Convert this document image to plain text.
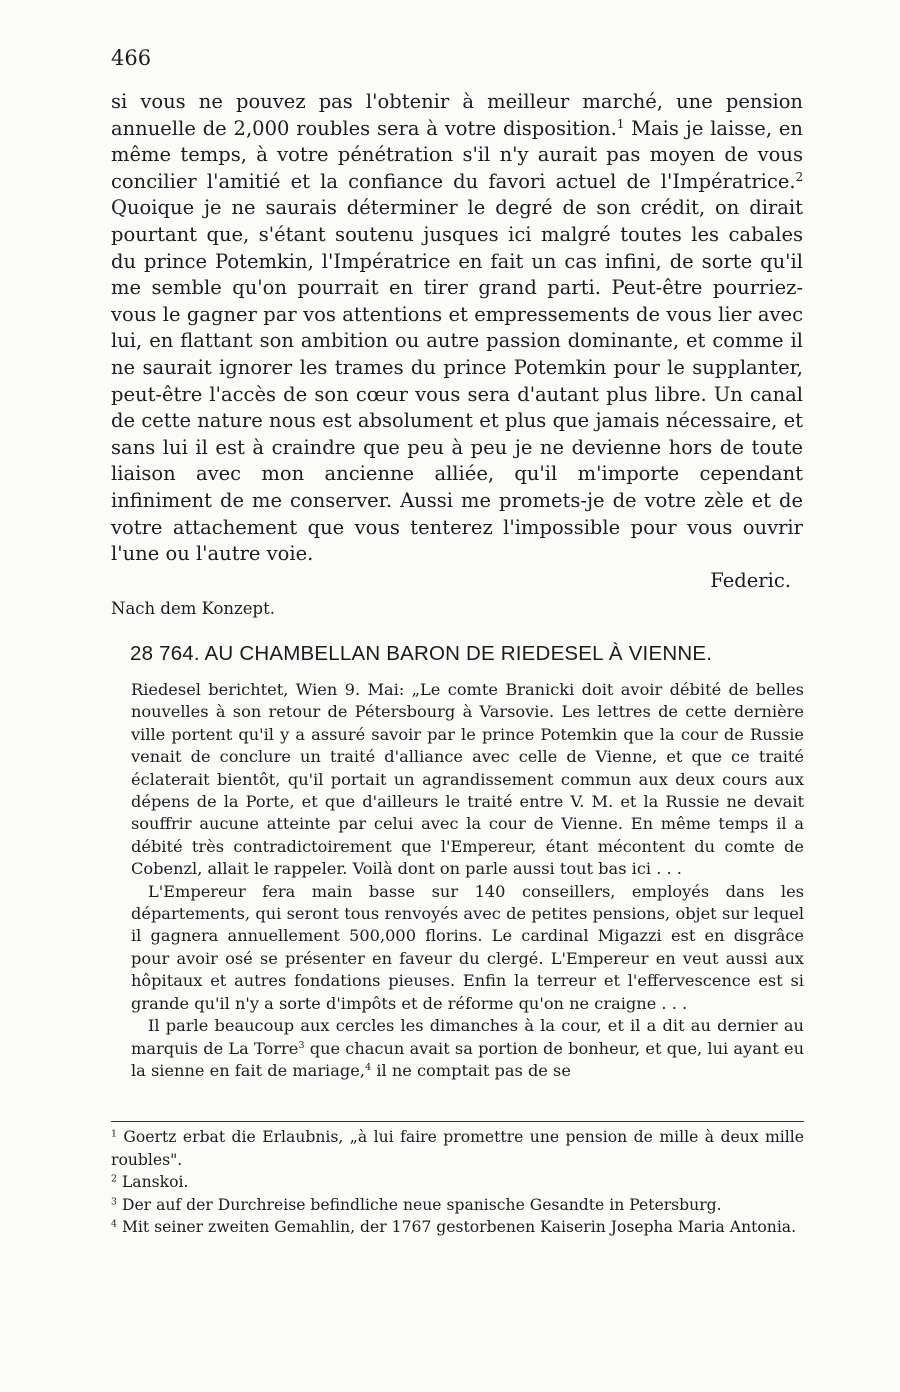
466

si vous ne pouvez pas l'obtenir à meilleur marché, une pension annuelle de 2,000 roubles sera à votre disposition.$^1$ Mais je laisse, en même temps, à votre pénétration s'il n'y aurait pas moyen de vous concilier l'amitié et la confiance du favori actuel de l'Impératrice.$^2$ Quoique je ne saurais déterminer le degré de son crédit, on dirait pourtant que, s'étant soutenu jusques ici malgré toutes les cabales du prince Potemkin, l'Impératrice en fait un cas infini, de sorte qu'il me semble qu'on pourrait en tirer grand parti. Peut-être pourriez-vous le gagner par vos attentions et empressements de vous lier avec lui, en flattant son ambition ou autre passion dominante, et comme il ne saurait ignorer les trames du prince Potemkin pour le supplanter, peut-être l'accès de son cœur vous sera d'autant plus libre. Un canal de cette nature nous est absolument et plus que jamais nécessaire, et sans lui il est à craindre que peu à peu je ne devienne hors de toute liaison avec mon ancienne alliée, qu'il m'importe cependant infiniment de me conserver. Aussi me promets-je de votre zèle et de votre attachement que vous tenterez l'impossible pour vous ouvrir l'une ou l'autre voie.

Federic.
Nach dem Konzept.
28 764. AU CHAMBELLAN BARON DE RIEDESEL À VIENNE.

Riedesel berichtet, Wien 9. Mai: „Le comte Branicki doit avoir débité de belles nouvelles à son retour de Pétersbourg à Varsovie. Les lettres de cette dernière ville portent qu'il y a assuré savoir par le prince Potemkin que la cour de Russie venait de conclure un traité d'alliance avec celle de Vienne, et que ce traité éclaterait bientôt, qu'il portait un agrandissement commun aux deux cours aux dépens de la Porte, et que d'ailleurs le traité entre V. M. et la Russie ne devait souffrir aucune atteinte par celui avec la cour de Vienne. En même temps il a débité très contradictoirement que l'Empereur, étant mécontent du comte de Cobenzl, allait le rappeler. Voilà dont on parle aussi tout bas ici . . .

L'Empereur fera main basse sur 140 conseillers, employés dans les départements, qui seront tous renvoyés avec de petites pensions, objet sur lequel il gagnera annuellement 500,000 florins. Le cardinal Migazzi est en disgrâce pour avoir osé se présenter en faveur du clergé. L'Empereur en veut aussi aux hôpitaux et autres fondations pieuses. Enfin la terreur et l'effervescence est si grande qu'il n'y a sorte d'impôts et de réforme qu'on ne craigne . . .

Il parle beaucoup aux cercles les dimanches à la cour, et il a dit au dernier au marquis de La Torre$^3$ que chacun avait sa portion de bonheur, et que, lui ayant eu la sienne en fait de mariage,$^4$ il ne comptait pas de se

$^1$ Goertz erbat die Erlaubnis, „à lui faire promettre une pension de mille à deux mille roubles".

$^2$ Lanskoi.

$^3$ Der auf der Durchreise befindliche neue spanische Gesandte in Petersburg.

$^4$ Mit seiner zweiten Gemahlin, der 1767 gestorbenen Kaiserin Josepha Maria Antonia.
